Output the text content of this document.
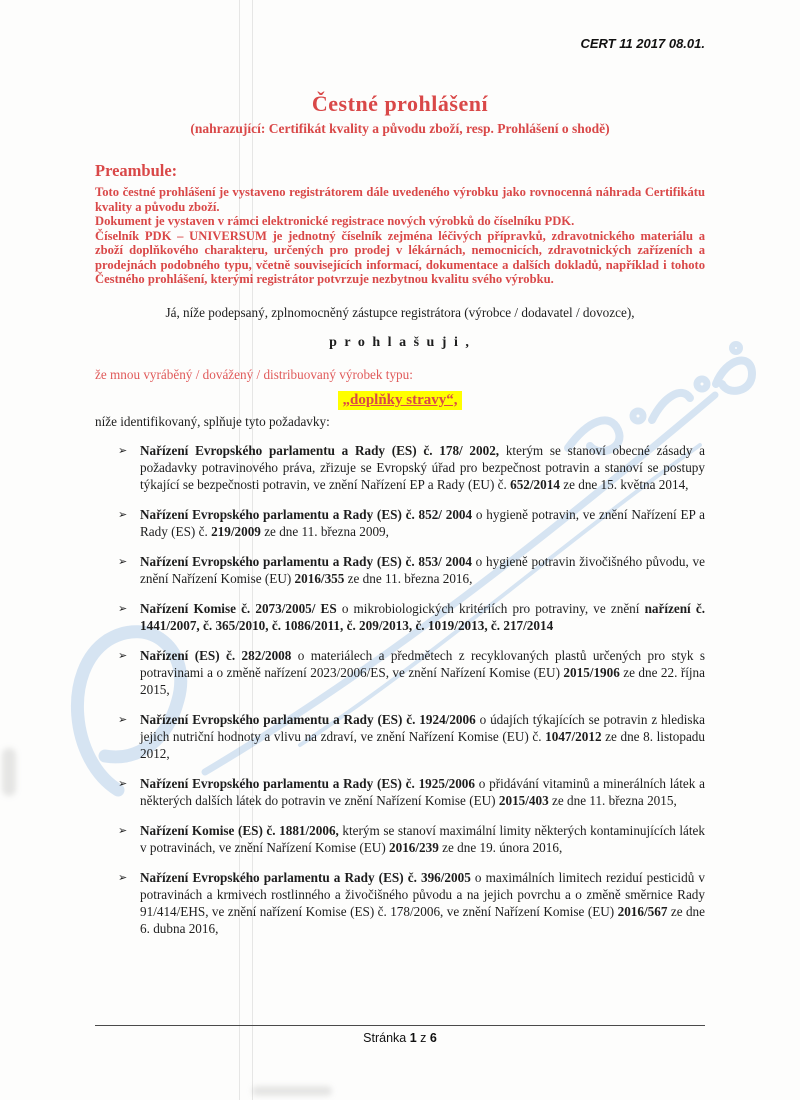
CERT 11 2017 08.01.
Čestné prohlášení
(nahrazující: Certifikát kvality a původu zboží, resp. Prohlášení o shodě)
Preambule:

Toto čestné prohlášení je vystaveno registrátorem dále uvedeného výrobku jako rovnocenná náhrada Certifikátu kvality a původu zboží.

Dokument je vystaven v rámci elektronické registrace nových výrobků do číselníku PDK.

Číselník PDK – UNIVERSUM je jednotný číselník zejména léčivých přípravků, zdravotnického materiálu a zboží doplňkového charakteru, určených pro prodej v lékárnách, nemocnicích, zdravotnických zařízeních a prodejnách podobného typu, včetně souvisejících informací, dokumentace a dalších dokladů, například i tohoto Čestného prohlášení, kterými registrátor potvrzuje nezbytnou kvalitu svého výrobku.

Já, níže podepsaný, zplnomocněný zástupce registrátora (výrobce / dodavatel / dovozce),
p r o h l a š u j i ,
že mnou vyráběný / dovážený / distribuovaný výrobek typu:
„doplňky stravy“,
níže identifikovaný, splňuje tyto požadavky:
➢ Nařízení Evropského parlamentu a Rady (ES) č. 178/ 2002, kterým se stanoví obecné zásady a požadavky potravinového práva, zřizuje se Evropský úřad pro bezpečnost potravin a stanoví se postupy týkající se bezpečnosti potravin, ve znění Nařízení EP a Rady (EU) č. 652/2014 ze dne 15. května 2014,
➢ Nařízení Evropského parlamentu a Rady (ES) č. 852/ 2004 o hygieně potravin, ve znění Nařízení EP a Rady (ES) č. 219/2009 ze dne 11. března 2009,
➢ Nařízení Evropského parlamentu a Rady (ES) č. 853/ 2004 o hygieně potravin živočišného původu, ve znění Nařízení Komise (EU) 2016/355 ze dne 11. března 2016,
➢ Nařízení Komise č. 2073/2005/ ES o mikrobiologických kritériích pro potraviny, ve znění nařízení č. 1441/2007, č. 365/2010, č. 1086/2011, č. 209/2013, č. 1019/2013, č. 217/2014
➢ Nařízení (ES) č. 282/2008 o materiálech a předmětech z recyklovaných plastů určených pro styk s potravinami a o změně nařízení 2023/2006/ES, ve znění Nařízení Komise (EU) 2015/1906 ze dne 22. října 2015,
➢ Nařízení Evropského parlamentu a Rady (ES) č. 1924/2006 o údajích týkajících se potravin z hlediska jejich nutriční hodnoty a vlivu na zdraví, ve znění Nařízení Komise (EU) č. 1047/2012 ze dne 8. listopadu 2012,
➢ Nařízení Evropského parlamentu a Rady (ES) č. 1925/2006 o přidávání vitaminů a minerálních látek a některých dalších látek do potravin ve znění Nařízení Komise (EU) 2015/403 ze dne 11. března 2015,
➢ Nařízení Komise (ES) č. 1881/2006, kterým se stanoví maximální limity některých kontaminujících látek v potravinách, ve znění Nařízení Komise (EU) 2016/239 ze dne 19. února 2016,
➢ Nařízení Evropského parlamentu a Rady (ES) č. 396/2005 o maximálních limitech reziduí pesticidů v potravinách a krmivech rostlinného a živočišného původu a na jejich povrchu a o změně směrnice Rady 91/414/EHS, ve znění nařízení Komise (ES) č. 178/2006, ve znění Nařízení Komise (EU) 2016/567 ze dne 6. dubna 2016,
Stránka 1 z 6
